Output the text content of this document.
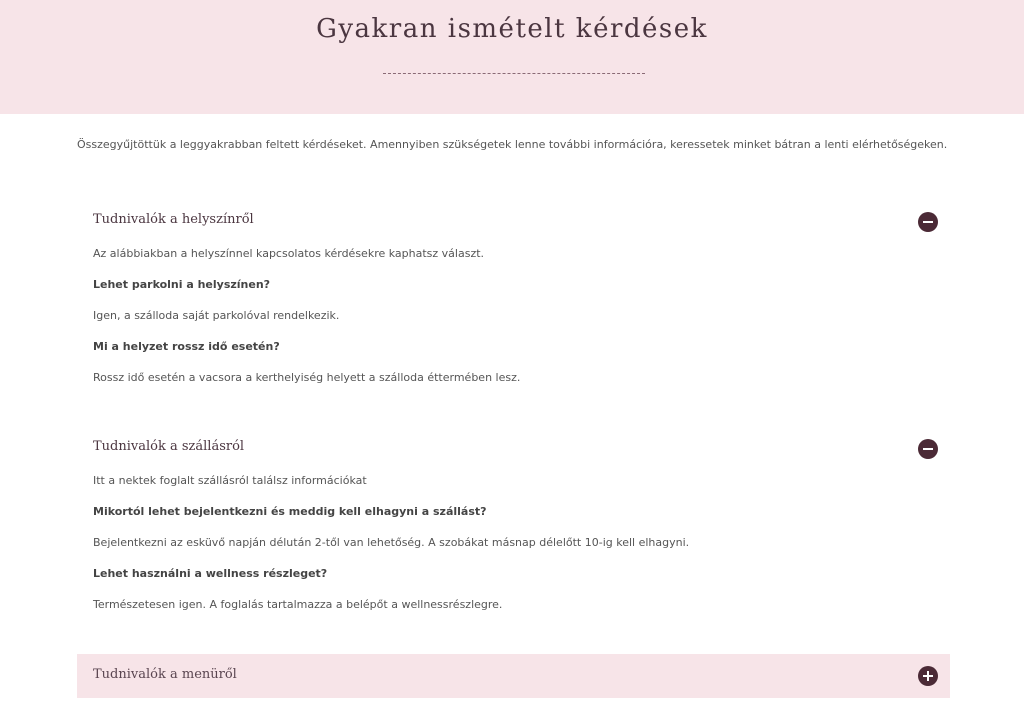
Gyakran ismételt kérdések
Összegyűjtöttük a leggyakrabban feltett kérdéseket. Amennyiben szükségetek lenne további információra, keressetek minket bátran a lenti elérhetőségeken.
Tudnivalók a helyszínről
Az alábbiakban a helyszínnel kapcsolatos kérdésekre kaphatsz választ.
Lehet parkolni a helyszínen?
Igen, a szálloda saját parkolóval rendelkezik.
Mi a helyzet rossz idő esetén?
Rossz idő esetén a vacsora a kerthelyiség helyett a szálloda éttermében lesz.
Tudnivalók a szállásról
Itt a nektek foglalt szállásról találsz információkat
Mikortól lehet bejelentkezni és meddig kell elhagyni a szállást?
Bejelentkezni az esküvő napján délután 2-től van lehetőség. A szobákat másnap délelőtt 10-ig kell elhagyni.
Lehet használni a wellness részleget?
Természetesen igen. A foglalás tartalmazza a belépőt a wellnessrészlegre.
Tudnivalók a menüről
